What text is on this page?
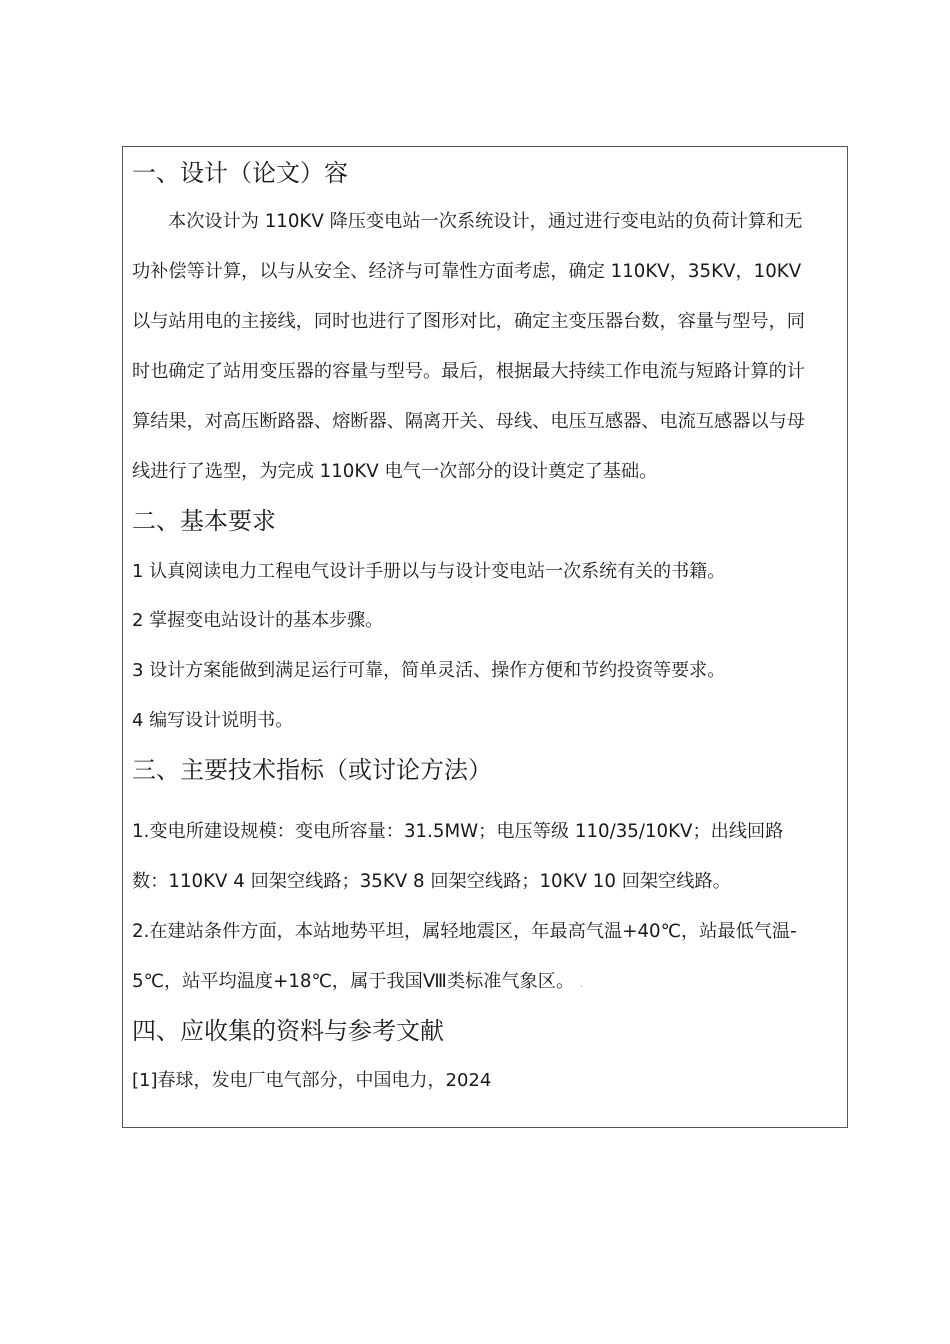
一、设计（论文）容
本次设计为 110KV 降压变电站一次系统设计，通过进行变电站的负荷计算和无
功补偿等计算，以与从安全、经济与可靠性方面考虑，确定 110KV，35KV，10KV
以与站用电的主接线，同时也进行了图形对比，确定主变压器台数，容量与型号，同
时也确定了站用变压器的容量与型号。最后，根据最大持续工作电流与短路计算的计
算结果，对高压断路器、熔断器、隔离开关、母线、电压互感器、电流互感器以与母
线进行了选型，为完成 110KV 电气一次部分的设计奠定了基础。
二、基本要求
1 认真阅读电力工程电气设计手册以与与设计变电站一次系统有关的书籍。
2 掌握变电站设计的基本步骤。
3 设计方案能做到满足运行可靠，简单灵活、操作方便和节约投资等要求。
4 编写设计说明书。
三、主要技术指标（或讨论方法）
1.变电所建设规模：变电所容量：31.5MW；电压等级 110/35/10KV；出线回路
数：110KV 4 回架空线路；35KV 8 回架空线路；10KV 10 回架空线路。
2.在建站条件方面，本站地势平坦，属轻地震区，年最高气温+40℃，站最低气温-
5℃，站平均温度+18℃，属于我国Ⅷ类标准气象区。 .
四、应收集的资料与参考文献
[1]春球，发电厂电气部分，中国电力，2024
